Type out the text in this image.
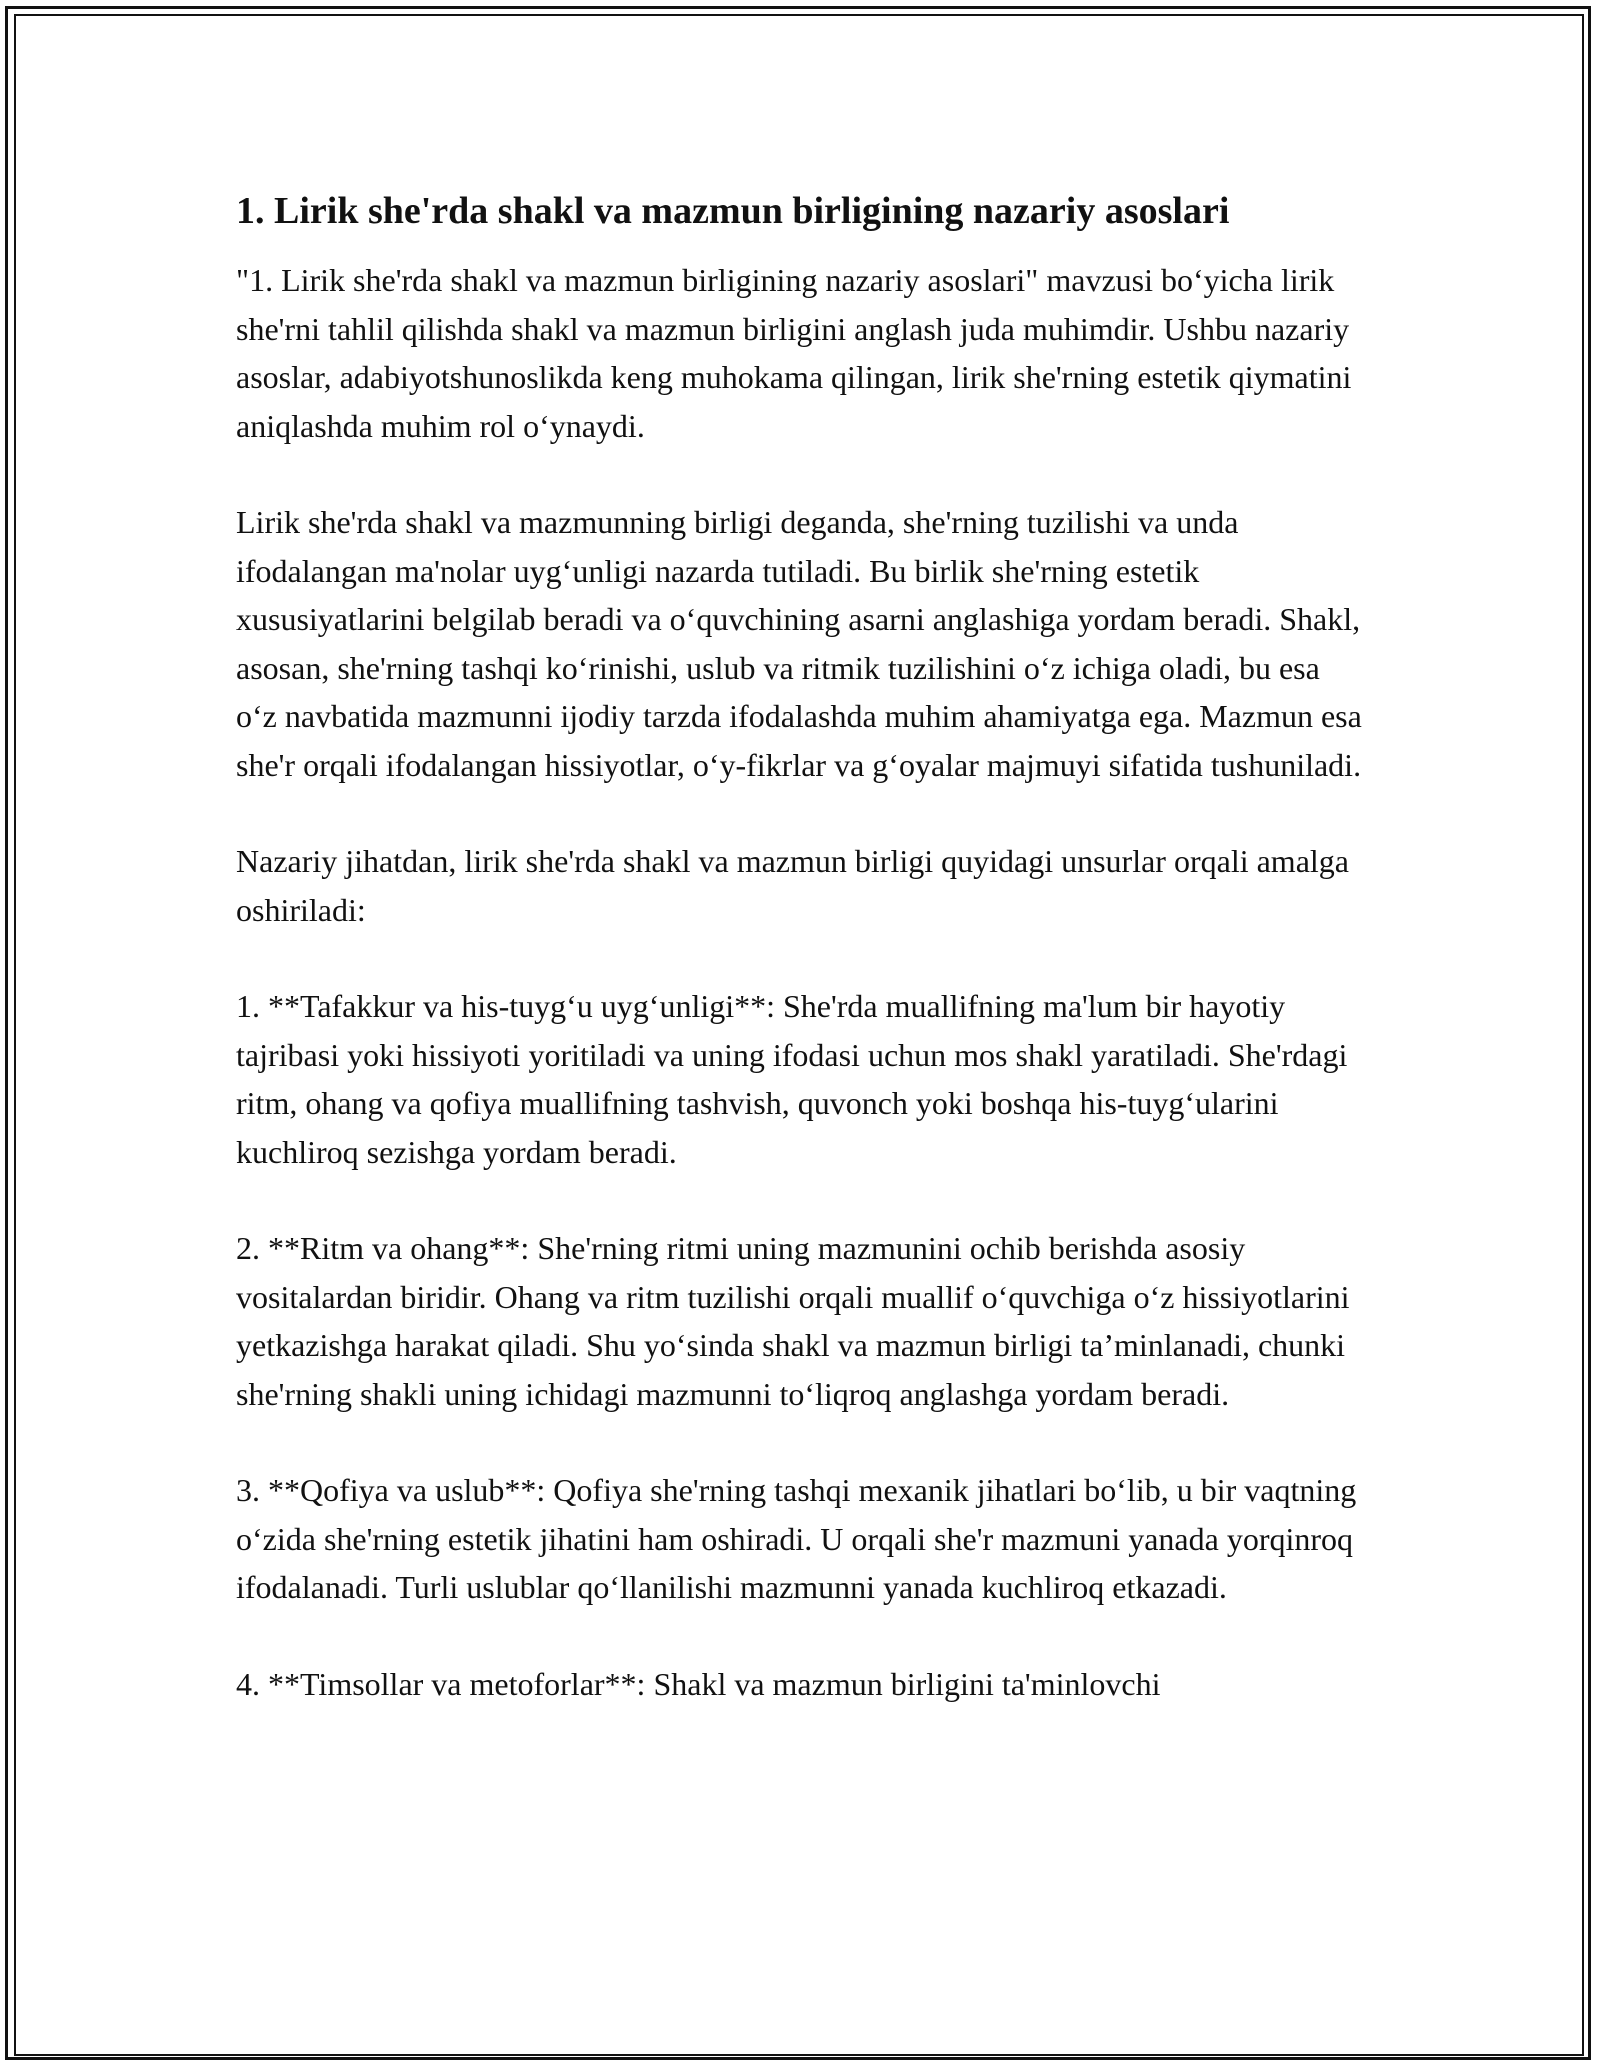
1. Lirik she'rda shakl va mazmun birligining nazariy asoslari

"1. Lirik she'rda shakl va mazmun birligining nazariy asoslari" mavzusi bo‘yicha lirik she'rni tahlil qilishda shakl va mazmun birligini anglash juda muhimdir. Ushbu nazariy asoslar, adabiyotshunoslikda keng muhokama qilingan, lirik she'rning estetik qiymatini aniqlashda muhim rol o‘ynaydi.

Lirik she'rda shakl va mazmunning birligi deganda, she'rning tuzilishi va unda ifodalangan ma'nolar uyg‘unligi nazarda tutiladi. Bu birlik she'rning estetik xususiyatlarini belgilab beradi va o‘quvchining asarni anglashiga yordam beradi. Shakl, asosan, she'rning tashqi ko‘rinishi, uslub va ritmik tuzilishini o‘z ichiga oladi, bu esa o‘z navbatida mazmunni ijodiy tarzda ifodalashda muhim ahamiyatga ega. Mazmun esa she'r orqali ifodalangan hissiyotlar, o‘y-fikrlar va g‘oyalar majmuyi sifatida tushuniladi.

Nazariy jihatdan, lirik she'rda shakl va mazmun birligi quyidagi unsurlar orqali amalga oshiriladi:

1. **Tafakkur va his-tuyg‘u uyg‘unligi**: She'rda muallifning ma'lum bir hayotiy tajribasi yoki hissiyoti yoritiladi va uning ifodasi uchun mos shakl yaratiladi. She'rdagi ritm, ohang va qofiya muallifning tashvish, quvonch yoki boshqa his-tuyg‘ularini kuchliroq sezishga yordam beradi.

2. **Ritm va ohang**: She'rning ritmi uning mazmunini ochib berishda asosiy vositalardan biridir. Ohang va ritm tuzilishi orqali muallif o‘quvchiga o‘z hissiyotlarini yetkazishga harakat qiladi. Shu yo‘sinda shakl va mazmun birligi ta’minlanadi, chunki she'rning shakli uning ichidagi mazmunni to‘liqroq anglashga yordam beradi.

3. **Qofiya va uslub**: Qofiya she'rning tashqi mexanik jihatlari bo‘lib, u bir vaqtning o‘zida she'rning estetik jihatini ham oshiradi. U orqali she'r mazmuni yanada yorqinroq ifodalanadi. Turli uslublar qo‘llanilishi mazmunni yanada kuchliroq etkazadi.

4. **Timsollar va metoforlar**: Shakl va mazmun birligini ta'minlovchi
